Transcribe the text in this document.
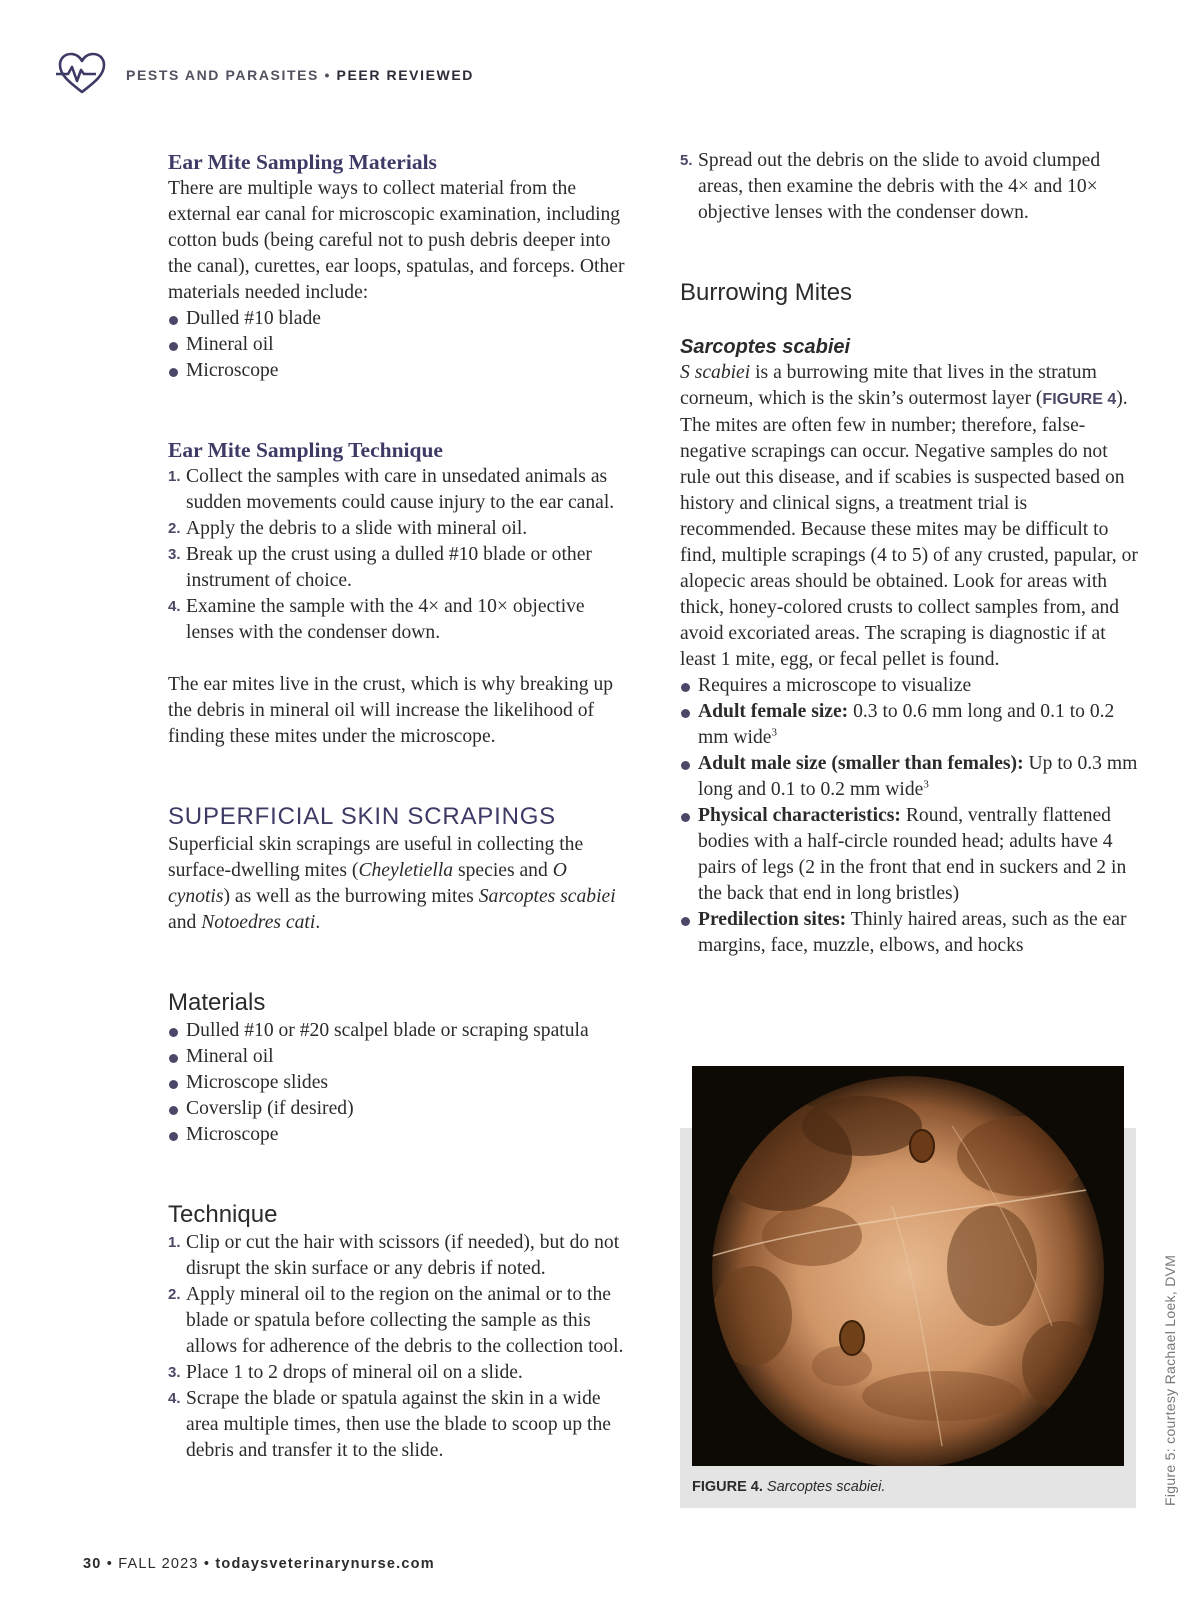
PESTS AND PARASITES • PEER REVIEWED
Ear Mite Sampling Materials

There are multiple ways to collect material from the external ear canal for microscopic examination, including cotton buds (being careful not to push debris deeper into the canal), curettes, ear loops, spatulas, and forceps. Other materials needed include:

Dulled #10 blade
Mineral oil
Microscope
Ear Mite Sampling Technique
1. Collect the samples with care in unsedated animals as sudden movements could cause injury to the ear canal.
2. Apply the debris to a slide with mineral oil.
3. Break up the crust using a dulled #10 blade or other instrument of choice.
4. Examine the sample with the 4× and 10× objective lenses with the condenser down.

The ear mites live in the crust, which is why breaking up the debris in mineral oil will increase the likelihood of finding these mites under the microscope.

SUPERFICIAL SKIN SCRAPINGS

Superficial skin scrapings are useful in collecting the surface-dwelling mites (Cheyletiella species and O cynotis) as well as the burrowing mites Sarcoptes scabiei and Notoedres cati.

Materials
Dulled #10 or #20 scalpel blade or scraping spatula
Mineral oil
Microscope slides
Coverslip (if desired)
Microscope
Technique
1. Clip or cut the hair with scissors (if needed), but do not disrupt the skin surface or any debris if noted.
2. Apply mineral oil to the region on the animal or to the blade or spatula before collecting the sample as this allows for adherence of the debris to the collection tool.
3. Place 1 to 2 drops of mineral oil on a slide.
4. Scrape the blade or spatula against the skin in a wide area multiple times, then use the blade to scoop up the debris and transfer it to the slide.
5. Spread out the debris on the slide to avoid clumped areas, then examine the debris with the 4× and 10× objective lenses with the condenser down.
Burrowing Mites
Sarcoptes scabiei

S scabiei is a burrowing mite that lives in the stratum corneum, which is the skin’s outermost layer (FIGURE 4). The mites are often few in number; therefore, false-negative scrapings can occur. Negative samples do not rule out this disease, and if scabies is suspected based on history and clinical signs, a treatment trial is recommended. Because these mites may be difficult to find, multiple scrapings (4 to 5) of any crusted, papular, or alopecic areas should be obtained. Look for areas with thick, honey-colored crusts to collect samples from, and avoid excoriated areas. The scraping is diagnostic if at least 1 mite, egg, or fecal pellet is found.

Requires a microscope to visualize
Adult female size: 0.3 to 0.6 mm long and 0.1 to 0.2 mm wide$^3$
Adult male size (smaller than females): Up to 0.3 mm long and 0.1 to 0.2 mm wide$^3$
Physical characteristics: Round, ventrally flattened bodies with a half-circle rounded head; adults have 4 pairs of legs (2 in the front that end in suckers and 2 in the back that end in long bristles)
Predilection sites: Thinly haired areas, such as the ear margins, face, muzzle, elbows, and hocks
FIGURE 4. Sarcoptes scabiei.	Figure 5: courtesy Rachael Loek, DVM
30 • FALL 2023 • todaysveterinarynurse.com
